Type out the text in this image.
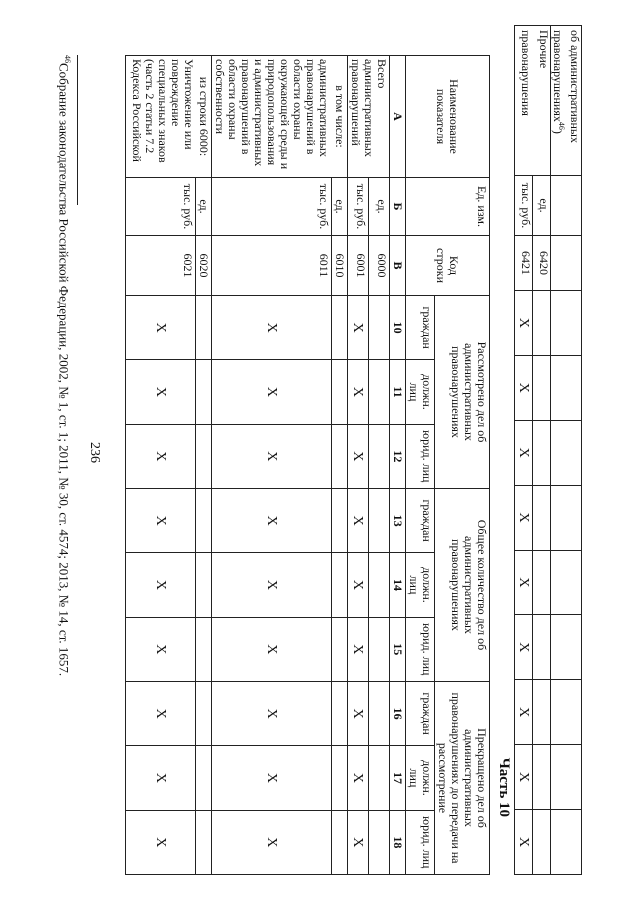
236
Часть 10
об административных правонарушениях$^{46}$)											
Прочие	ед.	6420									
правонарушения	тыс. руб.	6421	X	X	X	X	X	X	X	X	X
Наименование показателя	Ед. изм.	Код строки	Рассмотрено дел об административных правонарушениях			Общее количество дел об административных правонарушениях			Прекращено дел об административных правонарушениях до передачи на рассмотрение		
			граждан	должн. лиц	юрид. лиц	граждан	должн. лиц	юрид. лиц	граждан	должн. лиц	юрид. лиц
А	Б	В	10	11	12	13	14	15	16	17	18
Всего административных правонарушений	ед.	6000									
	тыс. руб.	6001	X	X	X	X	X	X	X	X	X
в том числе:	ед.	6010									
административных правонарушений в области охраны окружающей среды и природопользования и административных правонарушений в области охраны собственности	тыс. руб.	6011	X	X	X	X	X	X	X	X	X
из строки 6000:	ед.	6020									
Уничтожение или повреждение специальных знаков (часть 2 статьи 7.2 Кодекса Российской	тыс. руб.	6021	X	X	X	X	X	X	X	X	X
$^{46}$Собрание законодательства Российской Федерации, 2002, № 1, ст. 1; 2011, № 30, ст. 4574; 2013, № 14, ст. 1657.
